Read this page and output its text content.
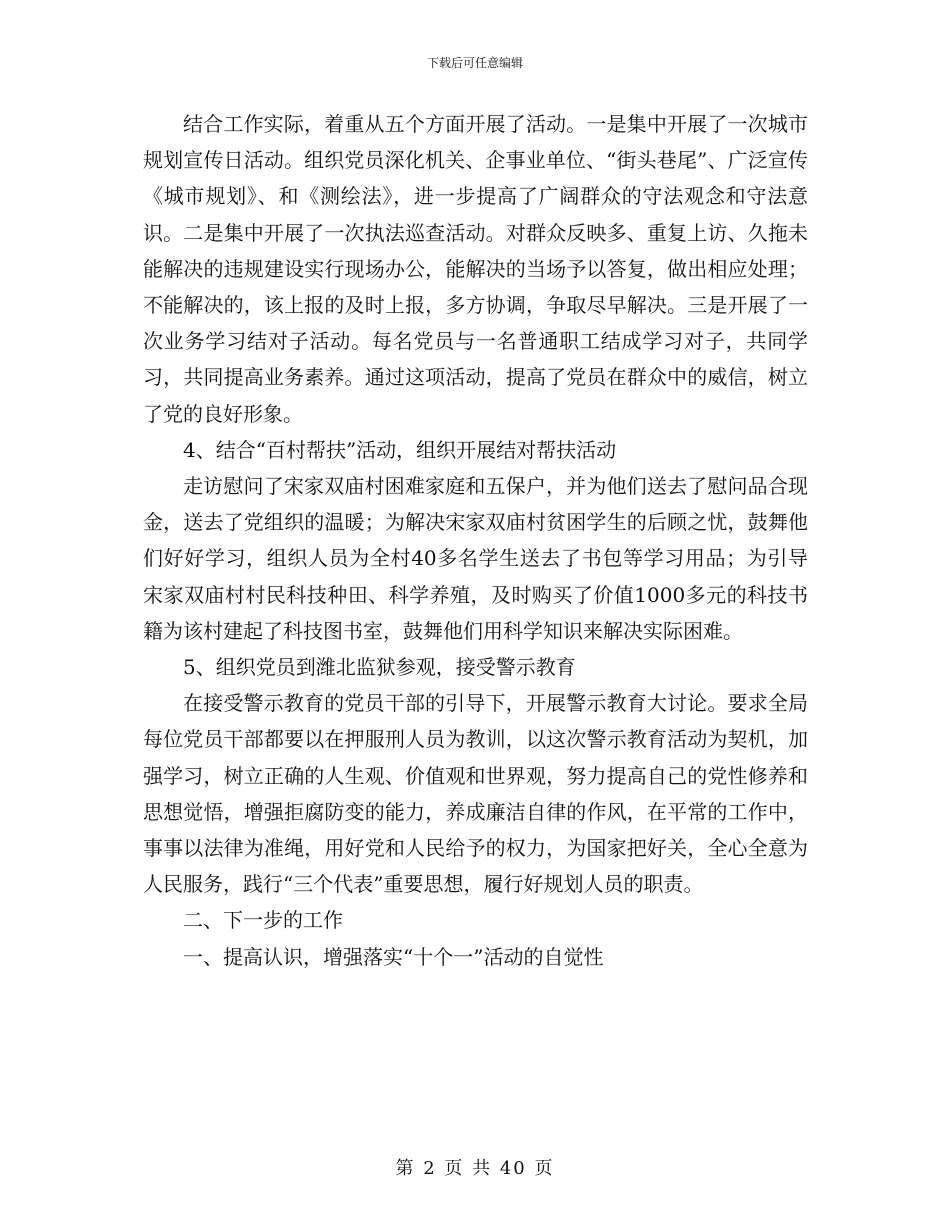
下载后可任意编辑

结合工作实际，着重从五个方面开展了活动。一是集中开展了一次城市规划宣传日活动。组织党员深化机关、企事业单位、“街头巷尾”、广泛宣传《城市规划》、和《测绘法》，进一步提高了广阔群众的守法观念和守法意识。二是集中开展了一次执法巡查活动。对群众反映多、重复上访、久拖未能解决的违规建设实行现场办公，能解决的当场予以答复，做出相应处理；不能解决的，该上报的及时上报，多方协调，争取尽早解决。三是开展了一次业务学习结对子活动。每名党员与一名普通职工结成学习对子，共同学习，共同提高业务素养。通过这项活动，提高了党员在群众中的威信，树立了党的良好形象。

4、结合“百村帮扶”活动，组织开展结对帮扶活动

走访慰问了宋家双庙村困难家庭和五保户，并为他们送去了慰问品合现金，送去了党组织的温暖；为解决宋家双庙村贫困学生的后顾之忧，鼓舞他们好好学习，组织人员为全村40多名学生送去了书包等学习用品；为引导宋家双庙村村民科技种田、科学养殖，及时购买了价值1000多元的科技书籍为该村建起了科技图书室，鼓舞他们用科学知识来解决实际困难。

5、组织党员到潍北监狱参观，接受警示教育

在接受警示教育的党员干部的引导下，开展警示教育大讨论。要求全局每位党员干部都要以在押服刑人员为教训，以这次警示教育活动为契机，加强学习，树立正确的人生观、价值观和世界观，努力提高自己的党性修养和思想觉悟，增强拒腐防变的能力，养成廉洁自律的作风，在平常的工作中，事事以法律为准绳，用好党和人民给予的权力，为国家把好关，全心全意为人民服务，践行“三个代表”重要思想，履行好规划人员的职责。

二、下一步的工作

一、提高认识，增强落实“十个一”活动的自觉性

第 2 页 共 40 页
